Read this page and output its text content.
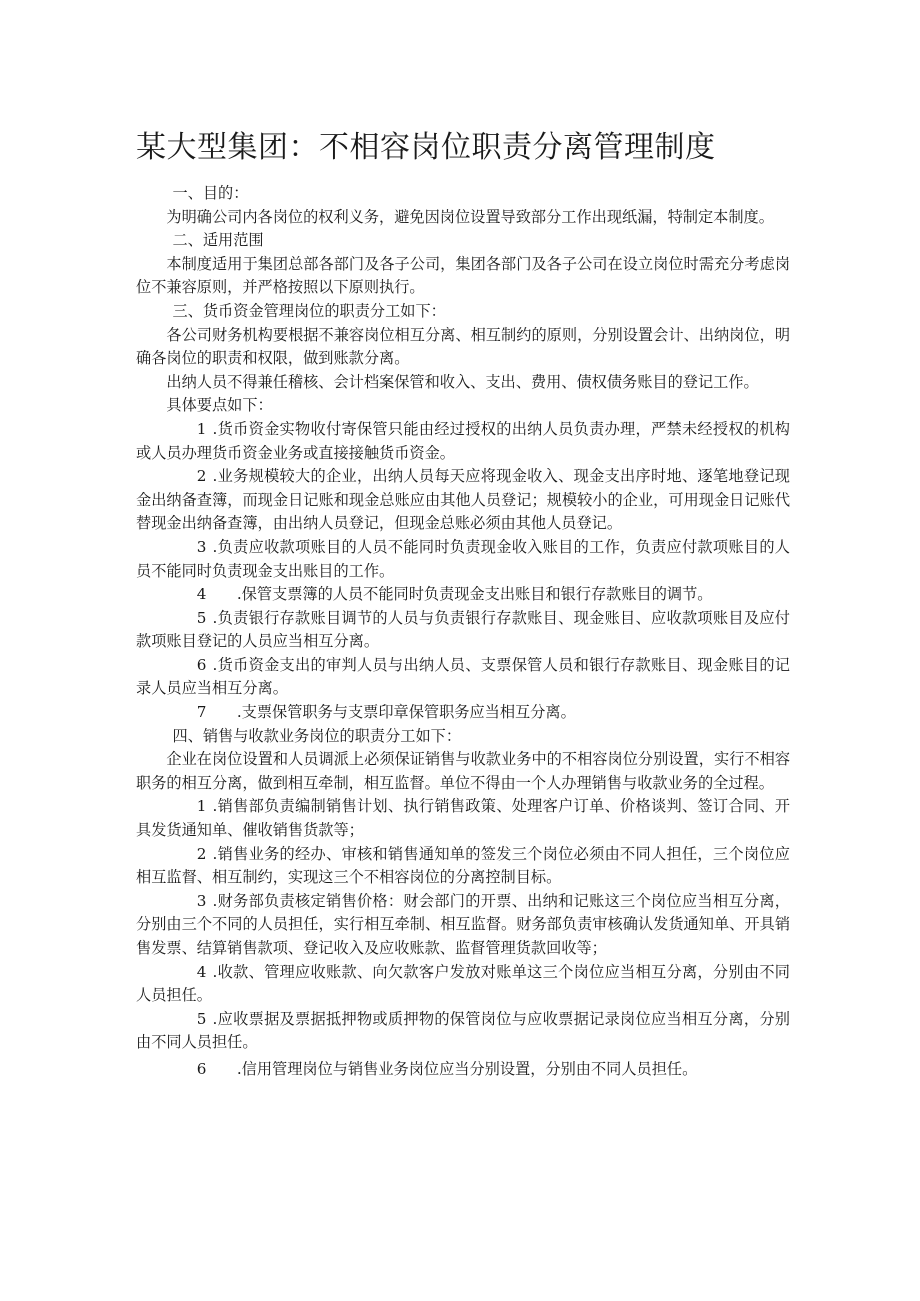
某大型集团：不相容岗位职责分离管理制度

一、目的：

为明确公司内各岗位的权利义务，避免因岗位设置导致部分工作出现纸漏，特制定本制度。

二、适用范围

本制度适用于集团总部各部门及各子公司，集团各部门及各子公司在设立岗位时需充分考虑岗位不兼容原则，并严格按照以下原则执行。

三、货币资金管理岗位的职责分工如下：

各公司财务机构要根据不兼容岗位相互分离、相互制约的原则，分别设置会计、出纳岗位，明确各岗位的职责和权限，做到账款分离。

出纳人员不得兼任稽核、会计档案保管和收入、支出、费用、债权债务账目的登记工作。

具体要点如下：

1 .货币资金实物收付寄保管只能由经过授权的出纳人员负责办理，严禁未经授权的机构或人员办理货币资金业务或直接接触货币资金。

2 .业务规模较大的企业，出纳人员每天应将现金收入、现金支出序时地、逐笔地登记现金出纳备查簿，而现金日记账和现金总账应由其他人员登记；规模较小的企业，可用现金日记账代替现金出纳备查簿，由出纳人员登记，但现金总账必须由其他人员登记。

3 .负责应收款项账目的人员不能同时负责现金收入账目的工作，负责应付款项账目的人员不能同时负责现金支出账目的工作。

4 .保管支票簿的人员不能同时负责现金支出账目和银行存款账目的调节。

5 .负责银行存款账目调节的人员与负责银行存款账目、现金账目、应收款项账目及应付款项账目登记的人员应当相互分离。

6 .货币资金支出的审判人员与出纳人员、支票保管人员和银行存款账目、现金账目的记录人员应当相互分离。

7 .支票保管职务与支票印章保管职务应当相互分离。

四、销售与收款业务岗位的职责分工如下：

企业在岗位设置和人员调派上必须保证销售与收款业务中的不相容岗位分别设置，实行不相容职务的相互分离，做到相互牵制，相互监督。单位不得由一个人办理销售与收款业务的全过程。

1 .销售部负责编制销售计划、执行销售政策、处理客户订单、价格谈判、签订合同、开具发货通知单、催收销售货款等；

2 .销售业务的经办、审核和销售通知单的签发三个岗位必须由不同人担任，三个岗位应相互监督、相互制约，实现这三个不相容岗位的分离控制目标。

3 .财务部负责核定销售价格：财会部门的开票、出纳和记账这三个岗位应当相互分离，分别由三个不同的人员担任，实行相互牵制、相互监督。财务部负责审核确认发货通知单、开具销售发票、结算销售款项、登记收入及应收账款、监督管理货款回收等；

4 .收款、管理应收账款、向欠款客户发放对账单这三个岗位应当相互分离，分别由不同人员担任。

5 .应收票据及票据抵押物或质押物的保管岗位与应收票据记录岗位应当相互分离，分别由不同人员担任。

6 .信用管理岗位与销售业务岗位应当分别设置，分别由不同人员担任。
